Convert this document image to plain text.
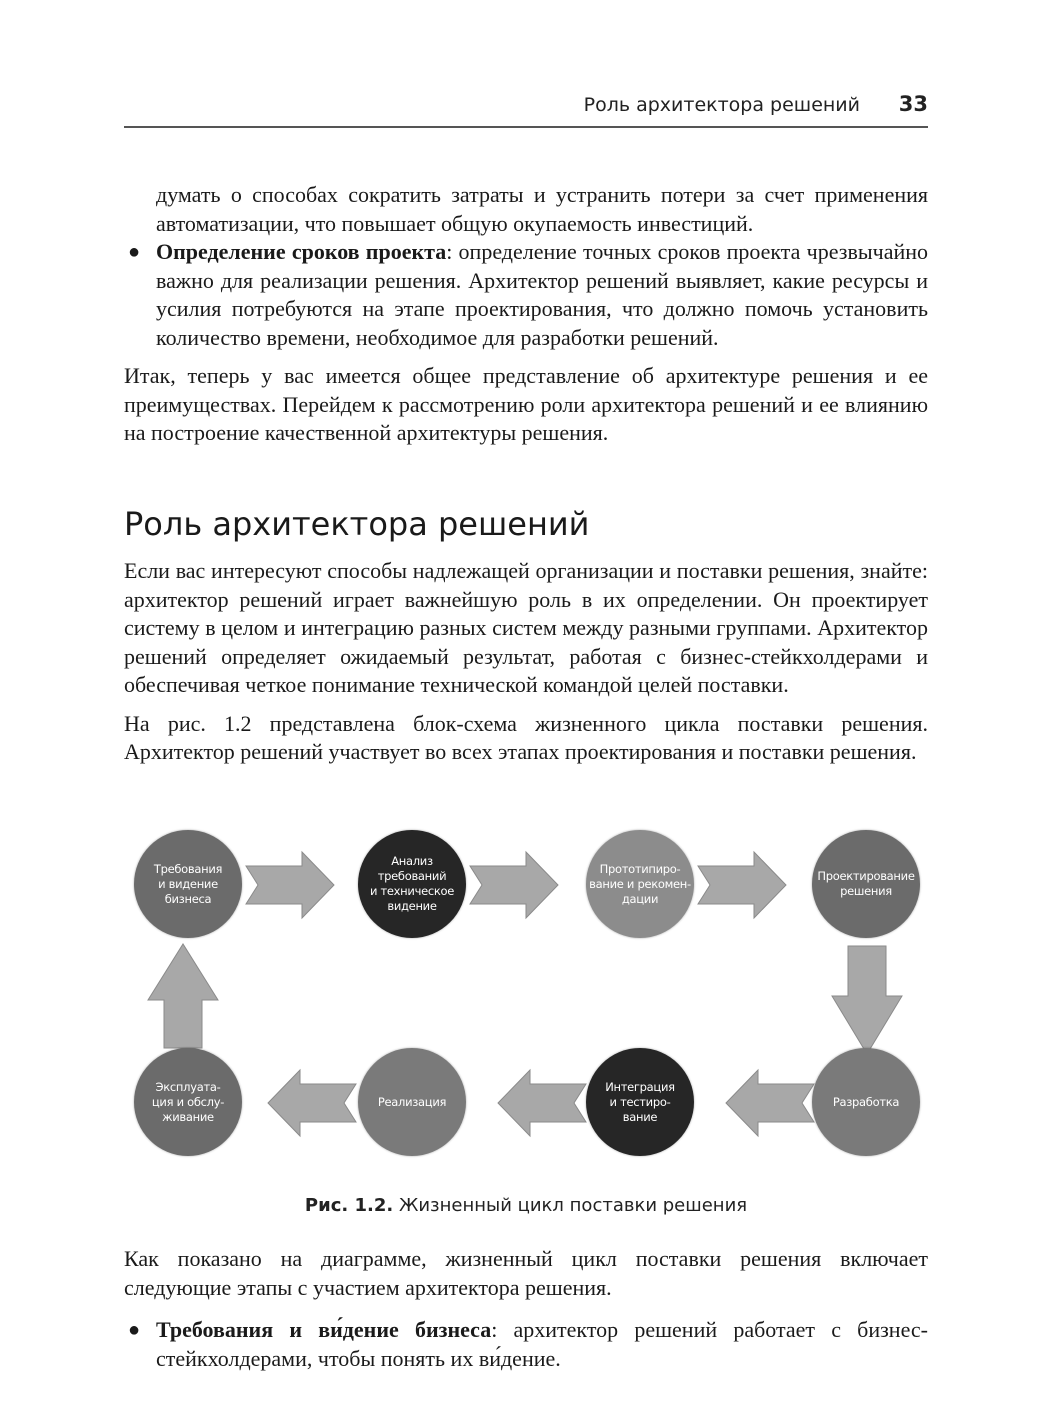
Роль архитектора решений 33

думать о способах сократить затраты и устранить потери за счет применения автоматизации, что повышает общую окупаемость инвестиций.

● Определение сроков проекта: определение точных сроков проекта чрезвычайно важно для реализации решения. Архитектор решений выявляет, какие ресурсы и усилия потребуются на этапе проектирования, что должно помочь установить количество времени, необходимое для разработки решений.

Итак, теперь у вас имеется общее представление об архитектуре решения и ее преимуществах. Перейдем к рассмотрению роли архитектора решений и ее влиянию на построение качественной архитектуры решения.

Роль архитектора решений

Если вас интересуют способы надлежащей организации и поставки решения, знайте: архитектор решений играет важнейшую роль в их определении. Он проектирует систему в целом и интеграцию разных систем между разными группами. Архитектор решений определяет ожидаемый результат, работая с бизнес-стейкхолдерами и обеспечивая четкое понимание технической командой целей поставки.

На рис. 1.2 представлена блок-схема жизненного цикла поставки решения. Архитектор решений участвует во всех этапах проектирования и поставки решения.

Требования
и видение
бизнеса
Анализ
требований
и техническое
видение
Прототипиро-
вание и рекомен-
дации
Проектирование
решения
Разработка
Интеграция
и тестиро-
вание
Реализация
Эксплуата-
ция и обслу-
живание
Рис. 1.2. Жизненный цикл поставки решения

Как показано на диаграмме, жизненный цикл поставки решения включает следующие этапы с участием архитектора решения.

● Требования и ви́дение бизнеса: архитектор решений работает с бизнес-стейкхолдерами, чтобы понять их ви́дение.
